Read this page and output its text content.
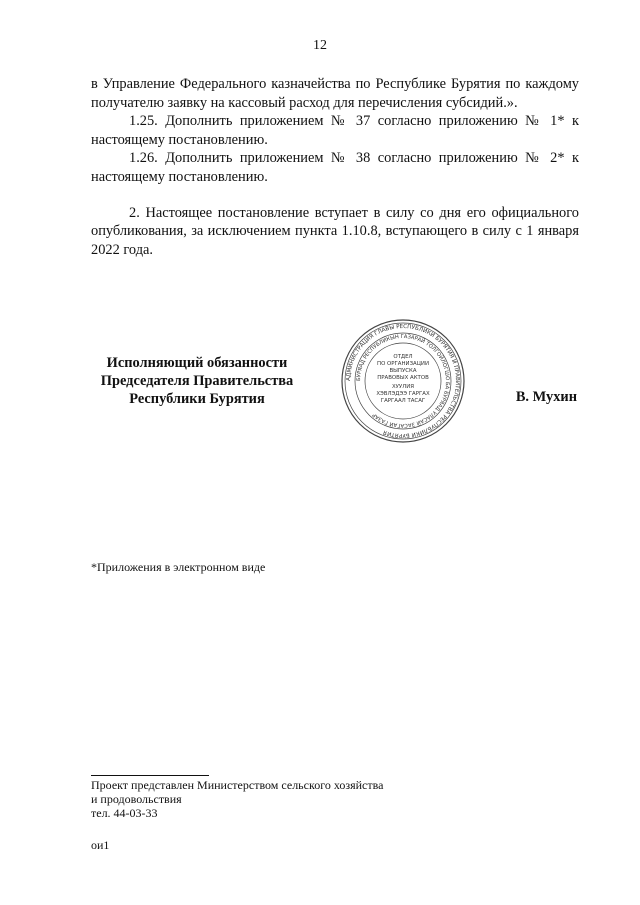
12

в Управление Федерального казначейства по Республике Бурятия по каждому получателю заявку на кассовый расход для перечисления субсидий.».

1.25. Дополнить приложением № 37 согласно приложению № 1* к настоящему постановлению.

1.26. Дополнить приложением № 38 согласно приложению № 2* к настоящему постановлению.

2. Настоящее постановление вступает в силу со дня его официального опубликования, за исключением пункта 1.10.8, вступающего в силу с 1 января 2022 года.

Исполняющий обязанности
Председателя Правительства
Республики Бурятия
АДМИНИСТРАЦИЯ ГЛАВЫ РЕСПУБЛИКИ БУРЯТИЯ И ПРАВИТЕЛЬСТВА РЕСПУБЛИКИ БУРЯТИЯ
БУРЯАД РЕСПУБЛИКЫН ГАЗАРАЙ ТОЛГОЙЛОГШО БА БУРЯАД УЛАСАЙ ЗАСАГАЙ ГАЗАР
ОТДЕЛ
ПО ОРГАНИЗАЦИИ
ВЫПУСКА
ПРАВОВЫХ АКТОВ
ХУУЛИЯ
ХЭВЛЭДЭЭ ГАРГАХ
ГАРГААЛ ТАСАГ	В. Мухин
*Приложения в электронном виде
Проект представлен Министерством сельского хозяйства
и продовольствия
тел. 44-03-33
ои1
